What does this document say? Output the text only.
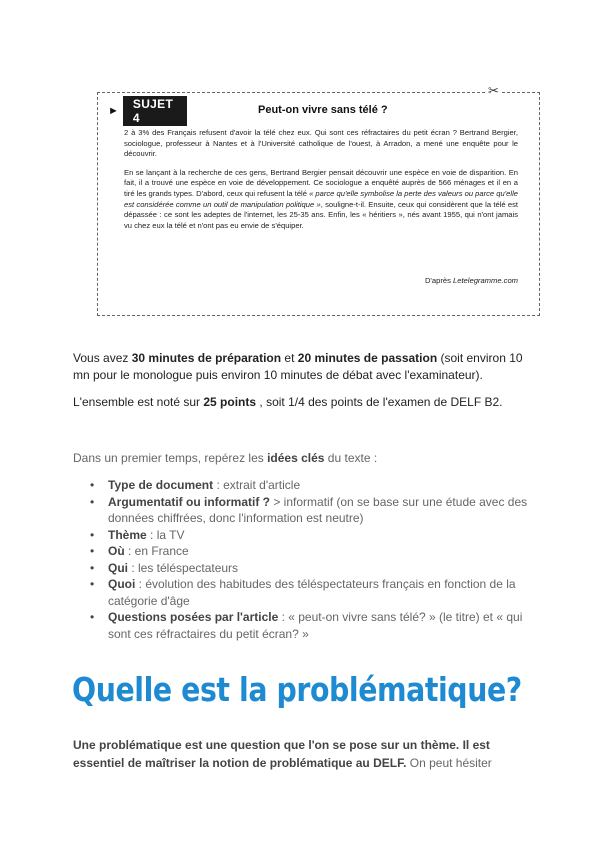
✂
►	SUJET 4
Peut-on vivre sans télé ?

2 à 3% des Français refusent d'avoir la télé chez eux. Qui sont ces réfractaires du petit écran ? Bertrand Bergier, sociologue, professeur à Nantes et à l'Université catholique de l'ouest, à Arradon, a mené une enquête pour le découvrir.

En se lançant à la recherche de ces gens, Bertrand Bergier pensait découvrir une espèce en voie de disparition. En fait, il a trouvé une espèce en voie de développement. Ce sociologue a enquêté auprès de 566 ménages et il en a tiré les grands types. D'abord, ceux qui refusent la télé « parce qu'elle symbolise la perte des valeurs ou parce qu'elle est considérée comme un outil de manipulation politique », souligne-t-il. Ensuite, ceux qui considèrent que la télé est dépassée : ce sont les adeptes de l'internet, les 25-35 ans. Enfin, les « héritiers », nés avant 1955, qui n'ont jamais vu chez eux la télé et n'ont pas eu envie de s'équiper.

D'après Letelegramme.com
Vous avez 30 minutes de préparation et 20 minutes de passation (soit environ 10 mn pour le monologue puis environ 10 minutes de débat avec l'examinateur).
L'ensemble est noté sur 25 points , soit 1/4 des points de l'examen de DELF B2.
Dans un premier temps, repérez les idées clés du texte :
• Type de document : extrait d'article
• Argumentatif ou informatif ? > informatif (on se base sur une étude avec des données chiffrées, donc l'information est neutre)
• Thème : la TV
• Où : en France
• Qui : les téléspectateurs
• Quoi : évolution des habitudes des téléspectateurs français en fonction de la catégorie d'âge
• Questions posées par l'article : « peut-on vivre sans télé? » (le titre) et « qui sont ces réfractaires du petit écran? »
Quelle est la problématique?
Une problématique est une question que l'on se pose sur un thème. Il est essentiel de maîtriser la notion de problématique au DELF. On peut hésiter
